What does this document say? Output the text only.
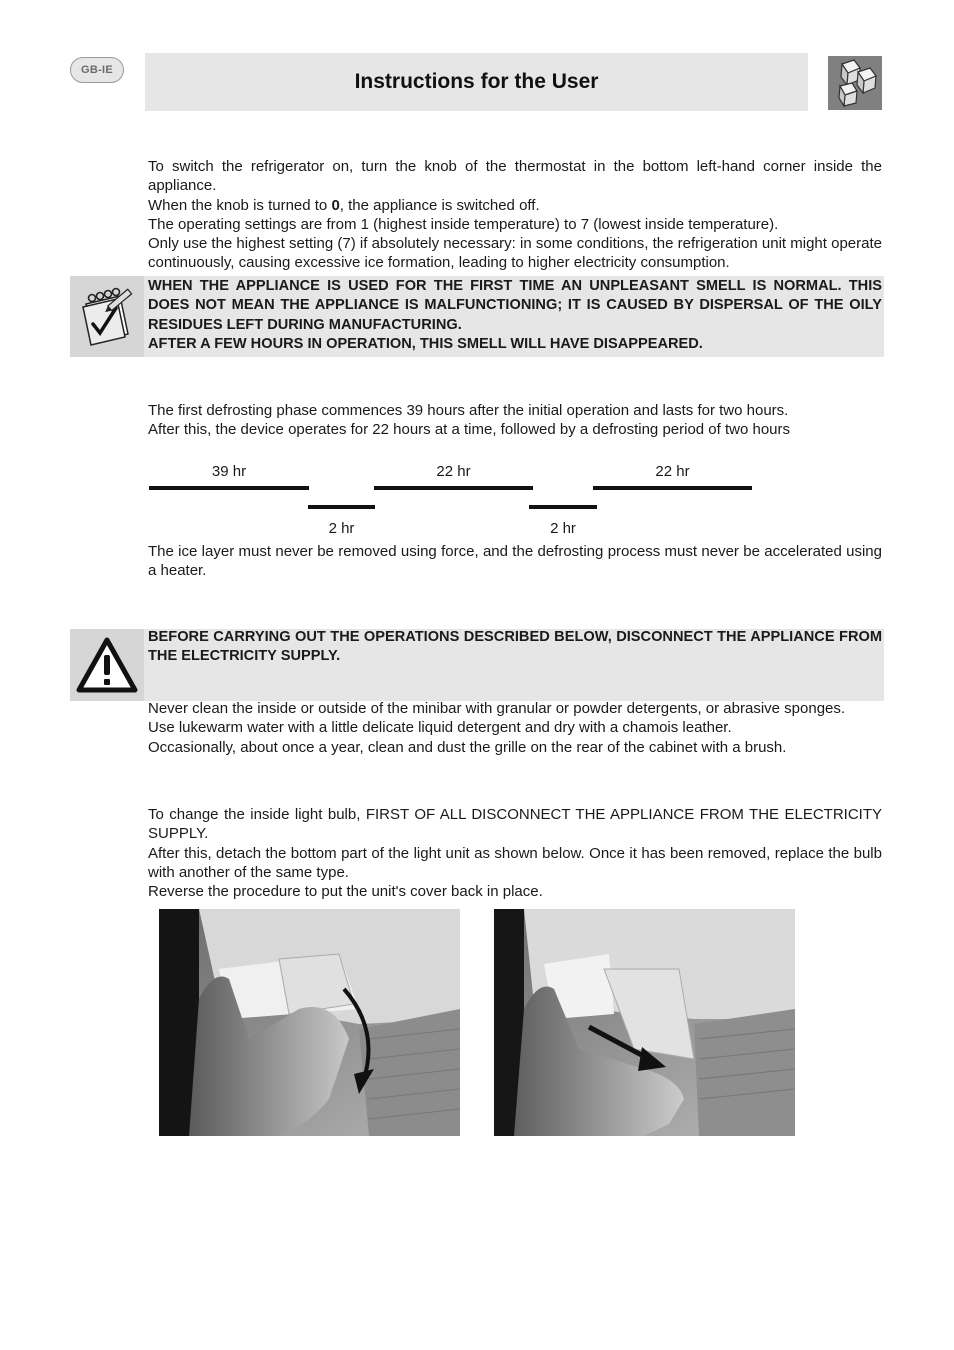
GB-IE	Instructions for the User

To switch the refrigerator on, turn the knob of the thermostat in the bottom left-hand corner inside the appliance.

When the knob is turned to 0, the appliance is switched off.

The operating settings are from 1 (highest inside temperature) to 7 (lowest inside temperature).

Only use the highest setting (7) if absolutely necessary: in some conditions, the refrigeration unit might operate continuously, causing excessive ice formation, leading to higher electricity consumption.

WHEN THE APPLIANCE IS USED FOR THE FIRST TIME AN UNPLEASANT SMELL IS NORMAL. THIS DOES NOT MEAN THE APPLIANCE IS MALFUNCTIONING; IT IS CAUSED BY DISPERSAL OF THE OILY RESIDUES LEFT DURING MANUFACTURING.

AFTER A FEW HOURS IN OPERATION, THIS SMELL WILL HAVE DISAPPEARED.

The first defrosting phase commences 39 hours after the initial operation and lasts for two hours.

After this, the device operates for 22 hours at a time, followed by a defrosting period of two hours

39 hr
2 hr
22 hr
2 hr
22 hr

The ice layer must never be removed using force, and the defrosting process must never be accelerated using a heater.

BEFORE CARRYING OUT THE OPERATIONS DESCRIBED BELOW, DISCONNECT THE APPLIANCE FROM THE ELECTRICITY SUPPLY.

Never clean the inside or outside of the minibar with granular or powder detergents, or abrasive sponges.

Use lukewarm water with a little delicate liquid detergent and dry with a chamois leather.

Occasionally, about once a year, clean and dust the grille on the rear of the cabinet with a brush.

To change the inside light bulb, FIRST OF ALL DISCONNECT THE APPLIANCE FROM THE ELECTRICITY SUPPLY.

After this, detach the bottom part of the light unit as shown below. Once it has been removed, replace the bulb with another of the same type.

Reverse the procedure to put the unit's cover back in place.
